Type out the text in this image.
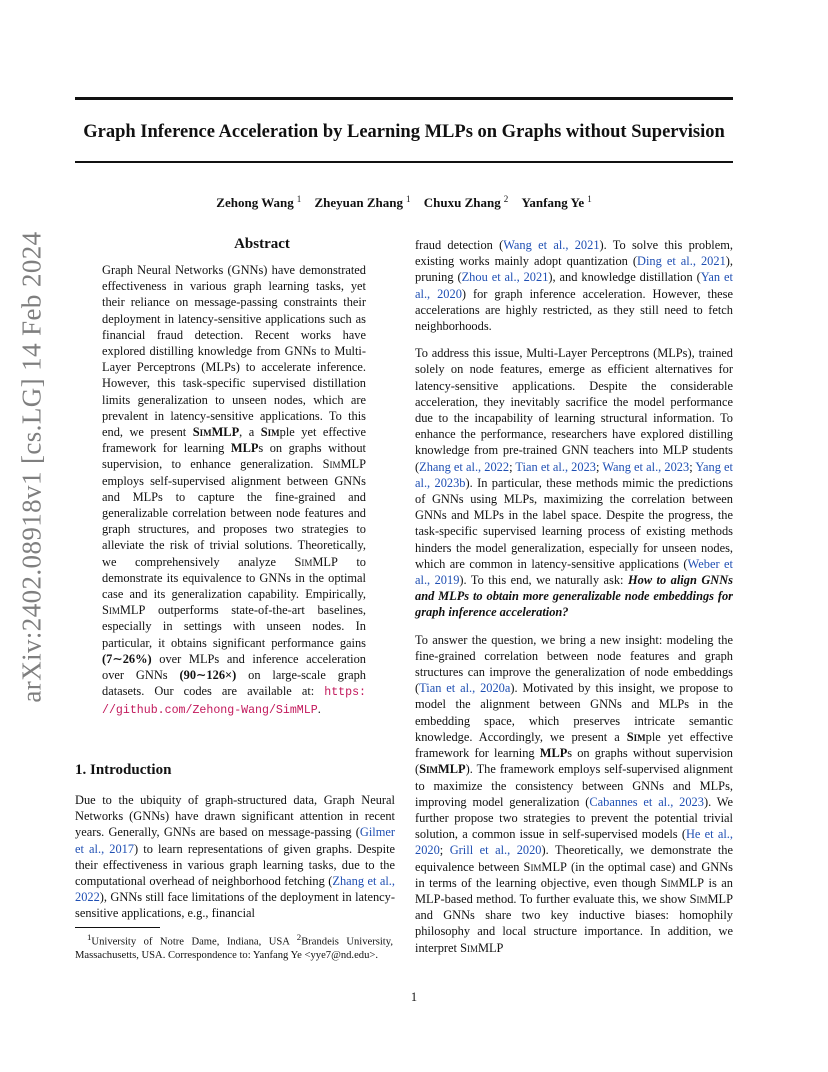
Graph Inference Acceleration by Learning MLPs on Graphs without Supervision
Zehong Wang $^1$ Zheyuan Zhang $^1$ Chuxu Zhang $^2$ Yanfang Ye $^1$
arXiv:2402.08918v1 [cs.LG] 14 Feb 2024	Abstract

Graph Neural Networks (GNNs) have demonstrated effectiveness in various graph learning tasks, yet their reliance on message-passing constraints their deployment in latency-sensitive applications such as financial fraud detection. Recent works have explored distilling knowledge from GNNs to Multi-Layer Perceptrons (MLPs) to accelerate inference. However, this task-specific supervised distillation limits generalization to unseen nodes, which are prevalent in latency-sensitive applications. To this end, we present SimMLP, a Simple yet effective framework for learning MLPs on graphs without supervision, to enhance generalization. SimMLP employs self-supervised alignment between GNNs and MLPs to capture the fine-grained and generalizable correlation between node features and graph structures, and proposes two strategies to alleviate the risk of trivial solutions. Theoretically, we comprehensively analyze SimMLP to demonstrate its equivalence to GNNs in the optimal case and its generalization capability. Empirically, SimMLP outperforms state-of-the-art baselines, especially in settings with unseen nodes. In particular, it obtains significant performance gains (7∼26%) over MLPs and inference acceleration over GNNs (90∼126×) on large-scale graph datasets. Our codes are available at: https: //github.com/Zehong-Wang/SimMLP.

1. Introduction

Due to the ubiquity of graph-structured data, Graph Neural Networks (GNNs) have drawn significant attention in recent years. Generally, GNNs are based on message-passing (Gilmer et al., 2017) to learn representations of given graphs. Despite their effectiveness in various graph learning tasks, due to the computational overhead of neighborhood fetching (Zhang et al., 2022), GNNs still face limitations of the deployment in latency-sensitive applications, e.g., financial

$^1$University of Notre Dame, Indiana, USA $^2$Brandeis University, Massachusetts, USA. Correspondence to: Yanfang Ye <yye7@nd.edu>.

fraud detection (Wang et al., 2021). To solve this problem, existing works mainly adopt quantization (Ding et al., 2021), pruning (Zhou et al., 2021), and knowledge distillation (Yan et al., 2020) for graph inference acceleration. However, these accelerations are highly restricted, as they still need to fetch neighborhoods.

To address this issue, Multi-Layer Perceptrons (MLPs), trained solely on node features, emerge as efficient alternatives for latency-sensitive applications. Despite the considerable acceleration, they inevitably sacrifice the model performance due to the incapability of learning structural information. To enhance the performance, researchers have explored distilling knowledge from pre-trained GNN teachers into MLP students (Zhang et al., 2022; Tian et al., 2023; Wang et al., 2023; Yang et al., 2023b). In particular, these methods mimic the predictions of GNNs using MLPs, maximizing the correlation between GNNs and MLPs in the label space. Despite the progress, the task-specific supervised learning process of existing methods hinders the model generalization, especially for unseen nodes, which are common in latency-sensitive applications (Weber et al., 2019). To this end, we naturally ask: How to align GNNs and MLPs to obtain more generalizable node embeddings for graph inference acceleration?

To answer the question, we bring a new insight: modeling the fine-grained correlation between node features and graph structures can improve the generalization of node embeddings (Tian et al., 2020a). Motivated by this insight, we propose to model the alignment between GNNs and MLPs in the embedding space, which preserves intricate semantic knowledge. Accordingly, we present a Simple yet effective framework for learning MLPs on graphs without supervision (SimMLP). The framework employs self-supervised alignment to maximize the consistency between GNNs and MLPs, improving model generalization (Cabannes et al., 2023). We further propose two strategies to prevent the potential trivial solution, a common issue in self-supervised models (He et al., 2020; Grill et al., 2020). Theoretically, we demonstrate the equivalence between SimMLP (in the optimal case) and GNNs in terms of the learning objective, even though SimMLP is an MLP-based method. To further evaluate this, we show SimMLP and GNNs share two key inductive biases: homophily philosophy and local structure importance. In addition, we interpret SimMLP

1
